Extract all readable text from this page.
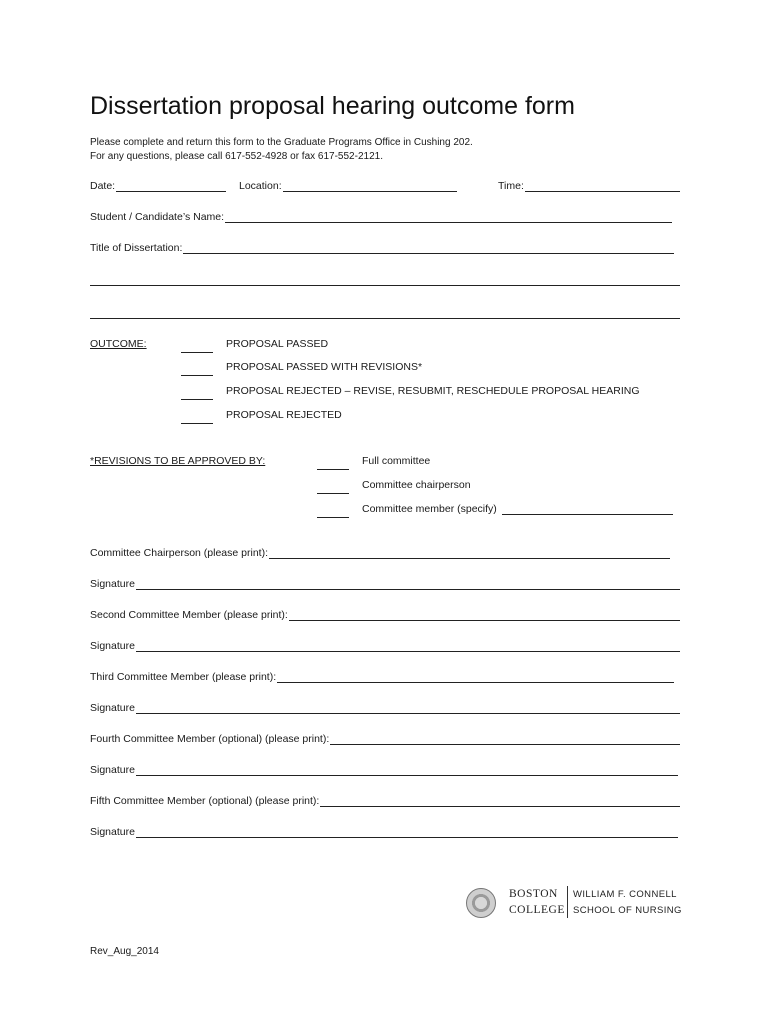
Dissertation proposal hearing outcome form
Please complete and return this form to the Graduate Programs Office in Cushing 202.
For any questions, please call 617-552-4928 or fax 617-552-2121.
Date:	Location:	Time:
Student / Candidate’s Name:
Title of Dissertation:
OUTCOME:	PROPOSAL PASSED
PROPOSAL PASSED WITH REVISIONS*
PROPOSAL REJECTED – REVISE, RESUBMIT, RESCHEDULE PROPOSAL HEARING
PROPOSAL REJECTED
*REVISIONS TO BE APPROVED BY:	Full committee
Committee chairperson
Committee member (specify)
Committee Chairperson (please print):
Signature
Second Committee Member (please print):
Signature
Third Committee Member (please print):
Signature
Fourth Committee Member (optional) (please print):
Signature
Fifth Committee Member (optional) (please print):
Signature
BOSTON
COLLEGE
WILLIAM F. CONNELL
SCHOOL OF NURSING
Rev_Aug_2014
